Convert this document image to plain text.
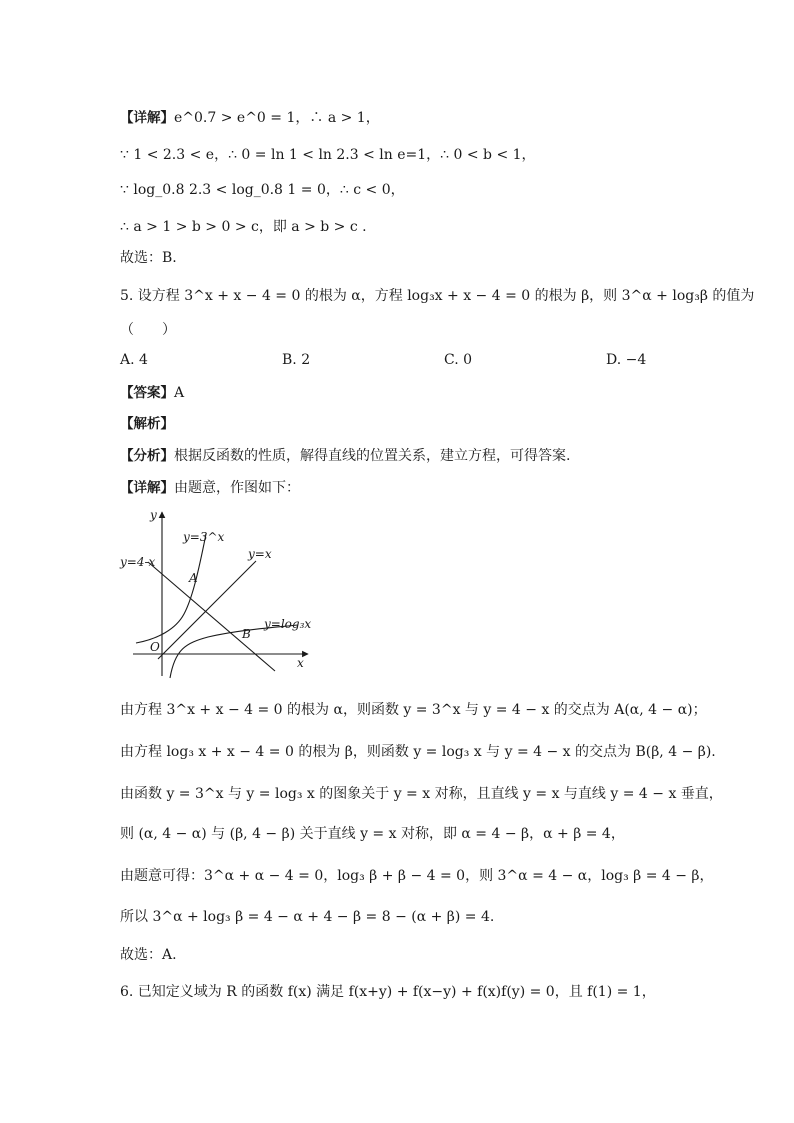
【详解】e^0.7 > e^0 = 1，∴ a > 1，
∵ 1 < 2.3 < e，∴ 0 = ln 1 < ln 2.3 < ln e=1，∴ 0 < b < 1，
∵ log_0.8 2.3 < log_0.8 1 = 0，∴ c < 0，
∴ a > 1 > b > 0 > c，即 a > b > c .
故选：B.
5. 设方程 3^x + x − 4 = 0 的根为 α，方程 log₃x + x − 4 = 0 的根为 β，则 3^α + log₃β 的值为
（　　）
A. 4	B. 2	C. 0	D. −4
【答案】A
【解析】
【分析】根据反函数的性质，解得直线的位置关系，建立方程，可得答案.
【详解】由题意，作图如下：
y
x
O
y=3^x
y=x
y=4-x
y=log₃x
A
B
由方程 3^x + x − 4 = 0 的根为 α，则函数 y = 3^x 与 y = 4 − x 的交点为 A(α, 4 − α)；
由方程 log₃ x + x − 4 = 0 的根为 β，则函数 y = log₃ x 与 y = 4 − x 的交点为 B(β, 4 − β).
由函数 y = 3^x 与 y = log₃ x 的图象关于 y = x 对称，且直线 y = x 与直线 y = 4 − x 垂直，
则 (α, 4 − α) 与 (β, 4 − β) 关于直线 y = x 对称，即 α = 4 − β，α + β = 4，
由题意可得：3^α + α − 4 = 0，log₃ β + β − 4 = 0，则 3^α = 4 − α，log₃ β = 4 − β，
所以 3^α + log₃ β = 4 − α + 4 − β = 8 − (α + β) = 4.
故选：A.
6. 已知定义域为 R 的函数 f(x) 满足 f(x+y) + f(x−y) + f(x)f(y) = 0，且 f(1) = 1，
